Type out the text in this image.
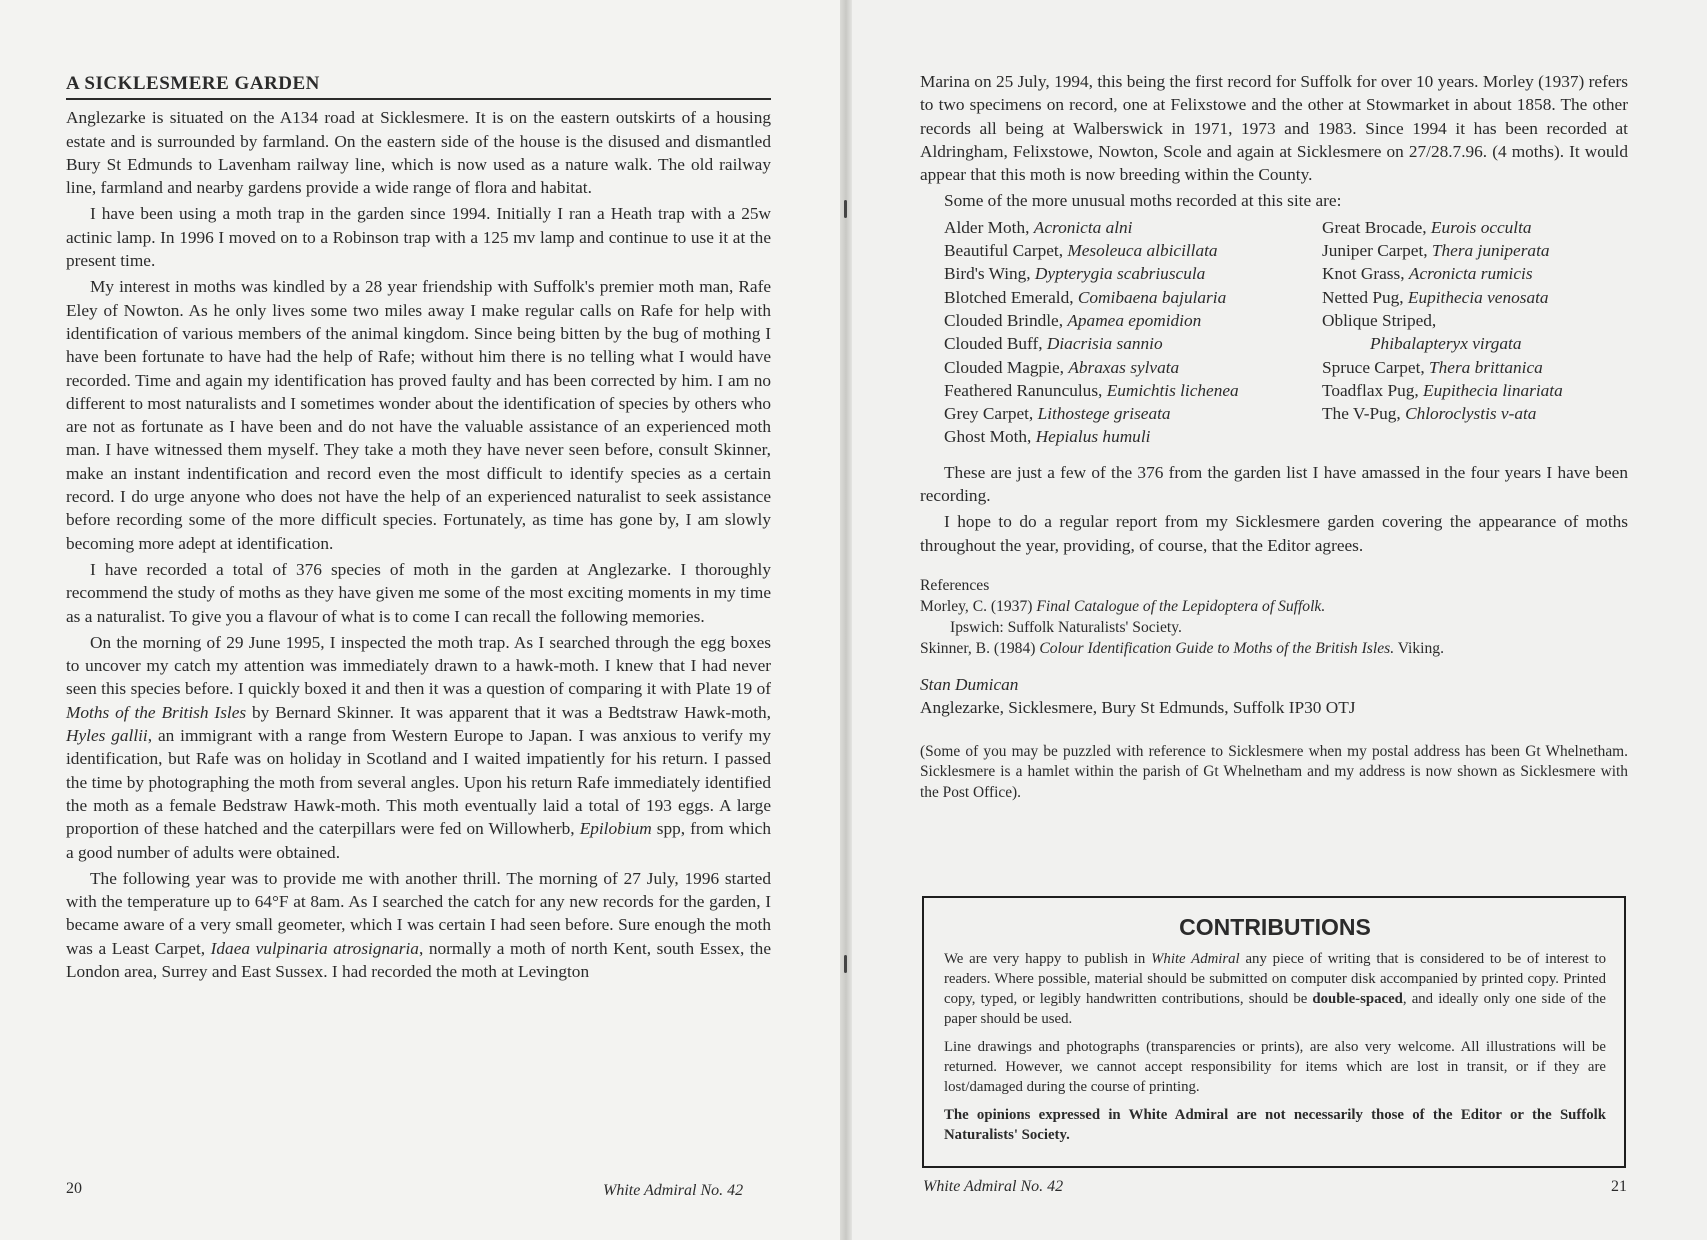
A SICKLESMERE GARDEN

Anglezarke is situated on the A134 road at Sicklesmere. It is on the eastern outskirts of a housing estate and is surrounded by farmland. On the eastern side of the house is the disused and dismantled Bury St Edmunds to Lavenham railway line, which is now used as a nature walk. The old railway line, farmland and nearby gardens provide a wide range of flora and habitat.

I have been using a moth trap in the garden since 1994. Initially I ran a Heath trap with a 25w actinic lamp. In 1996 I moved on to a Robinson trap with a 125 mv lamp and continue to use it at the present time.

My interest in moths was kindled by a 28 year friendship with Suffolk's premier moth man, Rafe Eley of Nowton. As he only lives some two miles away I make regular calls on Rafe for help with identification of various members of the animal kingdom. Since being bitten by the bug of mothing I have been fortunate to have had the help of Rafe; without him there is no telling what I would have recorded. Time and again my identification has proved faulty and has been corrected by him. I am no different to most naturalists and I sometimes wonder about the identification of species by others who are not as fortunate as I have been and do not have the valuable assistance of an experienced moth man. I have witnessed them myself. They take a moth they have never seen before, consult Skinner, make an instant indentification and record even the most difficult to identify species as a certain record. I do urge anyone who does not have the help of an experienced naturalist to seek assistance before recording some of the more difficult species. Fortunately, as time has gone by, I am slowly becoming more adept at identification.

I have recorded a total of 376 species of moth in the garden at Anglezarke. I thoroughly recommend the study of moths as they have given me some of the most exciting moments in my time as a naturalist. To give you a flavour of what is to come I can recall the following memories.

On the morning of 29 June 1995, I inspected the moth trap. As I searched through the egg boxes to uncover my catch my attention was immediately drawn to a hawk-moth. I knew that I had never seen this species before. I quickly boxed it and then it was a question of comparing it with Plate 19 of Moths of the British Isles by Bernard Skinner. It was apparent that it was a Bedtstraw Hawk-moth, Hyles gallii, an immigrant with a range from Western Europe to Japan. I was anxious to verify my identification, but Rafe was on holiday in Scotland and I waited impatiently for his return. I passed the time by photographing the moth from several angles. Upon his return Rafe immediately identified the moth as a female Bedstraw Hawk-moth. This moth eventually laid a total of 193 eggs. A large proportion of these hatched and the caterpillars were fed on Willowherb, Epilobium spp, from which a good number of adults were obtained.

The following year was to provide me with another thrill. The morning of 27 July, 1996 started with the temperature up to 64°F at 8am. As I searched the catch for any new records for the garden, I became aware of a very small geometer, which I was certain I had seen before. Sure enough the moth was a Least Carpet, Idaea vulpinaria atrosignaria, normally a moth of north Kent, south Essex, the London area, Surrey and East Sussex. I had recorded the moth at Levington

20	White Admiral No. 42

Marina on 25 July, 1994, this being the first record for Suffolk for over 10 years. Morley (1937) refers to two specimens on record, one at Felixstowe and the other at Stowmarket in about 1858. The other records all being at Walberswick in 1971, 1973 and 1983. Since 1994 it has been recorded at Aldringham, Felixstowe, Nowton, Scole and again at Sicklesmere on 27/28.7.96. (4 moths). It would appear that this moth is now breeding within the County.

Some of the more unusual moths recorded at this site are:

Alder Moth, Acronicta alni	Great Brocade, Eurois occulta
Beautiful Carpet, Mesoleuca albicillata	Juniper Carpet, Thera juniperata
Bird's Wing, Dypterygia scabriuscula	Knot Grass, Acronicta rumicis
Blotched Emerald, Comibaena bajularia	Netted Pug, Eupithecia venosata
Clouded Brindle, Apamea epomidion	Oblique Striped,
Clouded Buff, Diacrisia sannio	Phibalapteryx virgata
Clouded Magpie, Abraxas sylvata	Spruce Carpet, Thera brittanica
Feathered Ranunculus, Eumichtis lichenea	Toadflax Pug, Eupithecia linariata
Grey Carpet, Lithostege griseata	The V-Pug, Chloroclystis v-ata
Ghost Moth, Hepialus humuli

These are just a few of the 376 from the garden list I have amassed in the four years I have been recording.

I hope to do a regular report from my Sicklesmere garden covering the appearance of moths throughout the year, providing, of course, that the Editor agrees.

References
Morley, C. (1937) Final Catalogue of the Lepidoptera of Suffolk.
Ipswich: Suffolk Naturalists' Society.
Skinner, B. (1984) Colour Identification Guide to Moths of the British Isles. Viking.
Stan Dumican
Anglezarke, Sicklesmere, Bury St Edmunds, Suffolk IP30 OTJ
(Some of you may be puzzled with reference to Sicklesmere when my postal address has been Gt Whelnetham. Sicklesmere is a hamlet within the parish of Gt Whelnetham and my address is now shown as Sicklesmere with the Post Office).
CONTRIBUTIONS

We are very happy to publish in White Admiral any piece of writing that is considered to be of interest to readers. Where possible, material should be submitted on computer disk accompanied by printed copy. Printed copy, typed, or legibly handwritten contributions, should be double-spaced, and ideally only one side of the paper should be used.

Line drawings and photographs (transparencies or prints), are also very welcome. All illustrations will be returned. However, we cannot accept responsibility for items which are lost in transit, or if they are lost/damaged during the course of printing.

The opinions expressed in White Admiral are not necessarily those of the Editor or the Suffolk Naturalists' Society.

White Admiral No. 42	21
